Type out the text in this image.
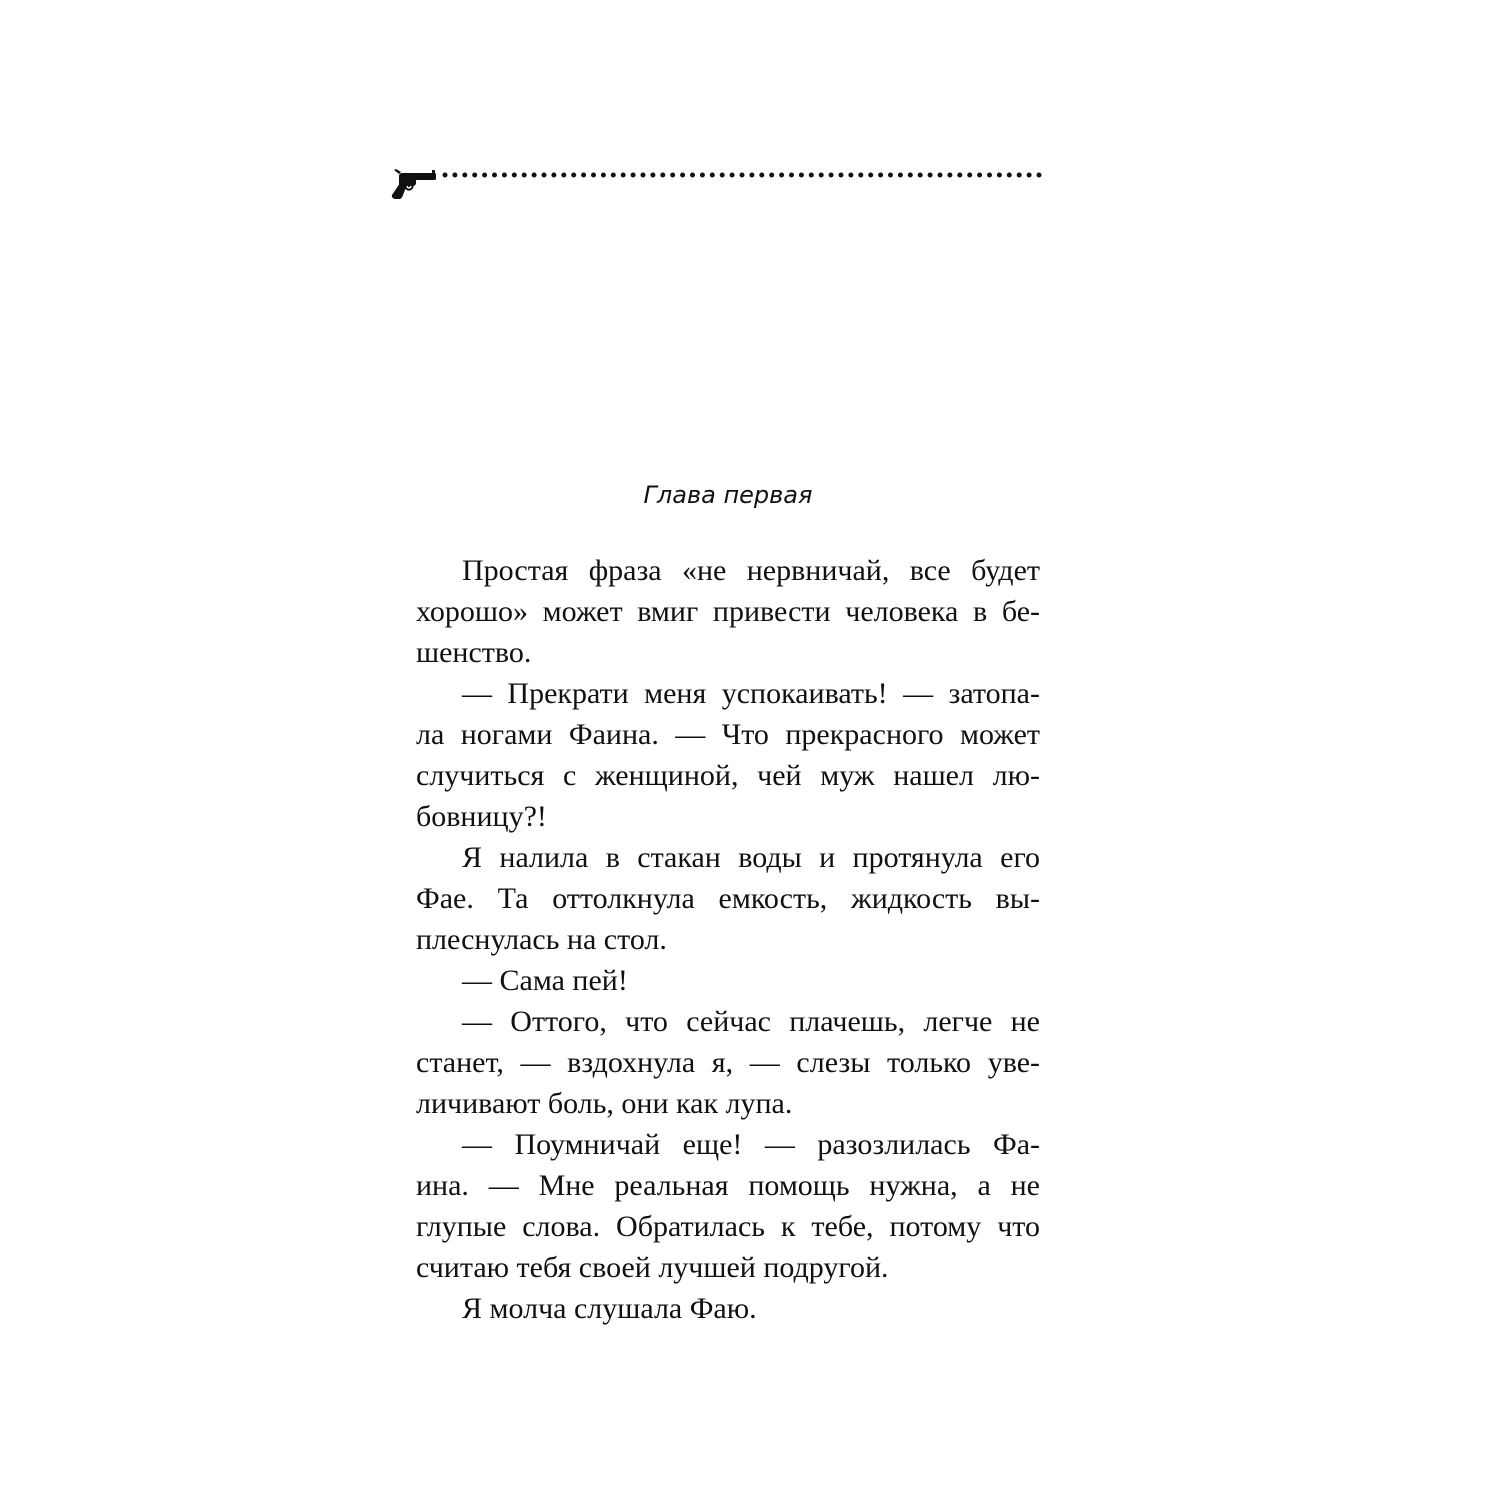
Глава первая
Простая фраза «не нервничай, все будет
хорошо» может вмиг привести человека в бе-
шенство.
— Прекрати меня успокаивать! — затопа-
ла ногами Фаина. — Что прекрасного может
случиться с женщиной, чей муж нашел лю-
бовницу?!
Я налила в стакан воды и протянула его
Фае. Та оттолкнула емкость, жидкость вы-
плеснулась на стол.
— Сама пей!
— Оттого, что сейчас плачешь, легче не
станет, — вздохнула я, — слезы только уве-
личивают боль, они как лупа.
— Поумничай еще! — разозлилась Фа-
ина. — Мне реальная помощь нужна, а не
глупые слова. Обратилась к тебе, потому что
считаю тебя своей лучшей подругой.
Я молча слушала Фаю.
